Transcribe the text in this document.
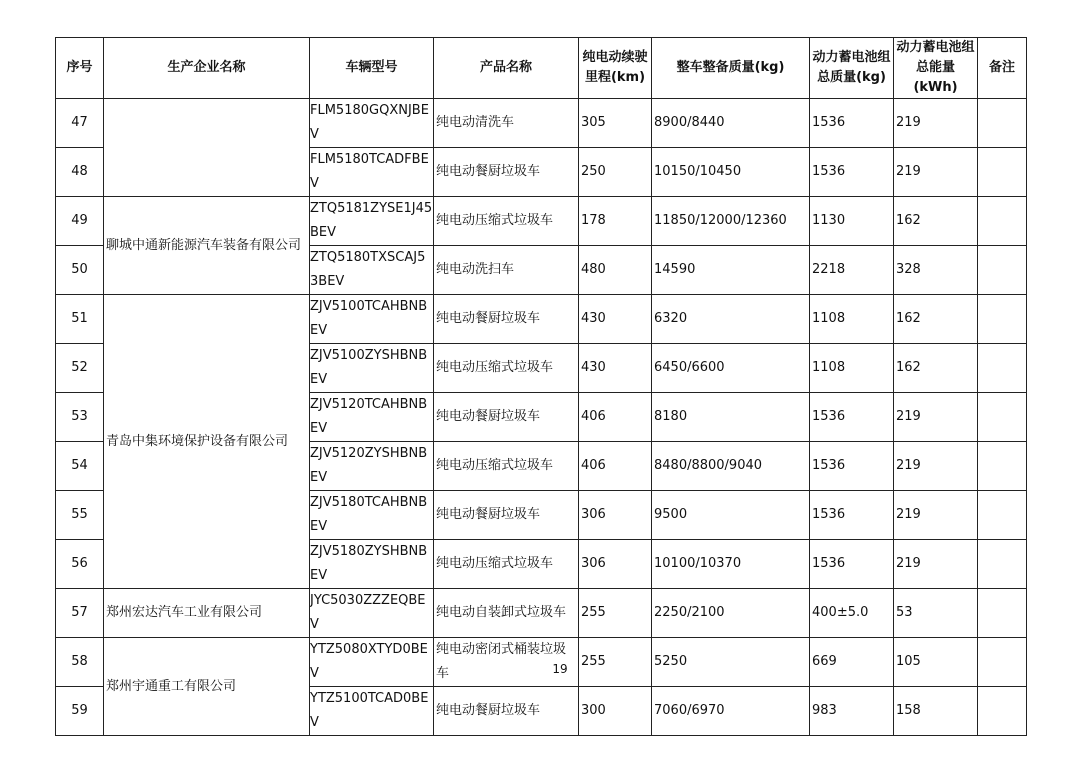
序号	生产企业名称	车辆型号	产品名称	纯电动续驶里程(km)	整车整备质量(kg)	动力蓄电池组总质量(kg)	动力蓄电池组总能量(kWh)	备注
47		FLM5180GQXNJBEV	纯电动清洗车	305	8900/8440	1536	219	
48		FLM5180TCADFBEV	纯电动餐厨垃圾车	250	10150/10450	1536	219	
49	聊城中通新能源汽车装备有限公司	ZTQ5181ZYSE1J45BEV	纯电动压缩式垃圾车	178	11850/12000/12360	1130	162	
50		ZTQ5180TXSCAJ53BEV	纯电动洗扫车	480	14590	2218	328	
51	青岛中集环境保护设备有限公司	ZJV5100TCAHBNBEV	纯电动餐厨垃圾车	430	6320	1108	162	
52		ZJV5100ZYSHBNBEV	纯电动压缩式垃圾车	430	6450/6600	1108	162	
53		ZJV5120TCAHBNBEV	纯电动餐厨垃圾车	406	8180	1536	219	
54		ZJV5120ZYSHBNBEV	纯电动压缩式垃圾车	406	8480/8800/9040	1536	219	
55		ZJV5180TCAHBNBEV	纯电动餐厨垃圾车	306	9500	1536	219	
56		ZJV5180ZYSHBNBEV	纯电动压缩式垃圾车	306	10100/10370	1536	219	
57	郑州宏达汽车工业有限公司	JYC5030ZZZEQBEV	纯电动自装卸式垃圾车	255	2250/2100	400±5.0	53	
58	郑州宇通重工有限公司	YTZ5080XTYD0BEV	纯电动密闭式桶装垃圾车	255	5250	669	105	
59		YTZ5100TCAD0BEV	纯电动餐厨垃圾车	300	7060/6970	983	158	
19
